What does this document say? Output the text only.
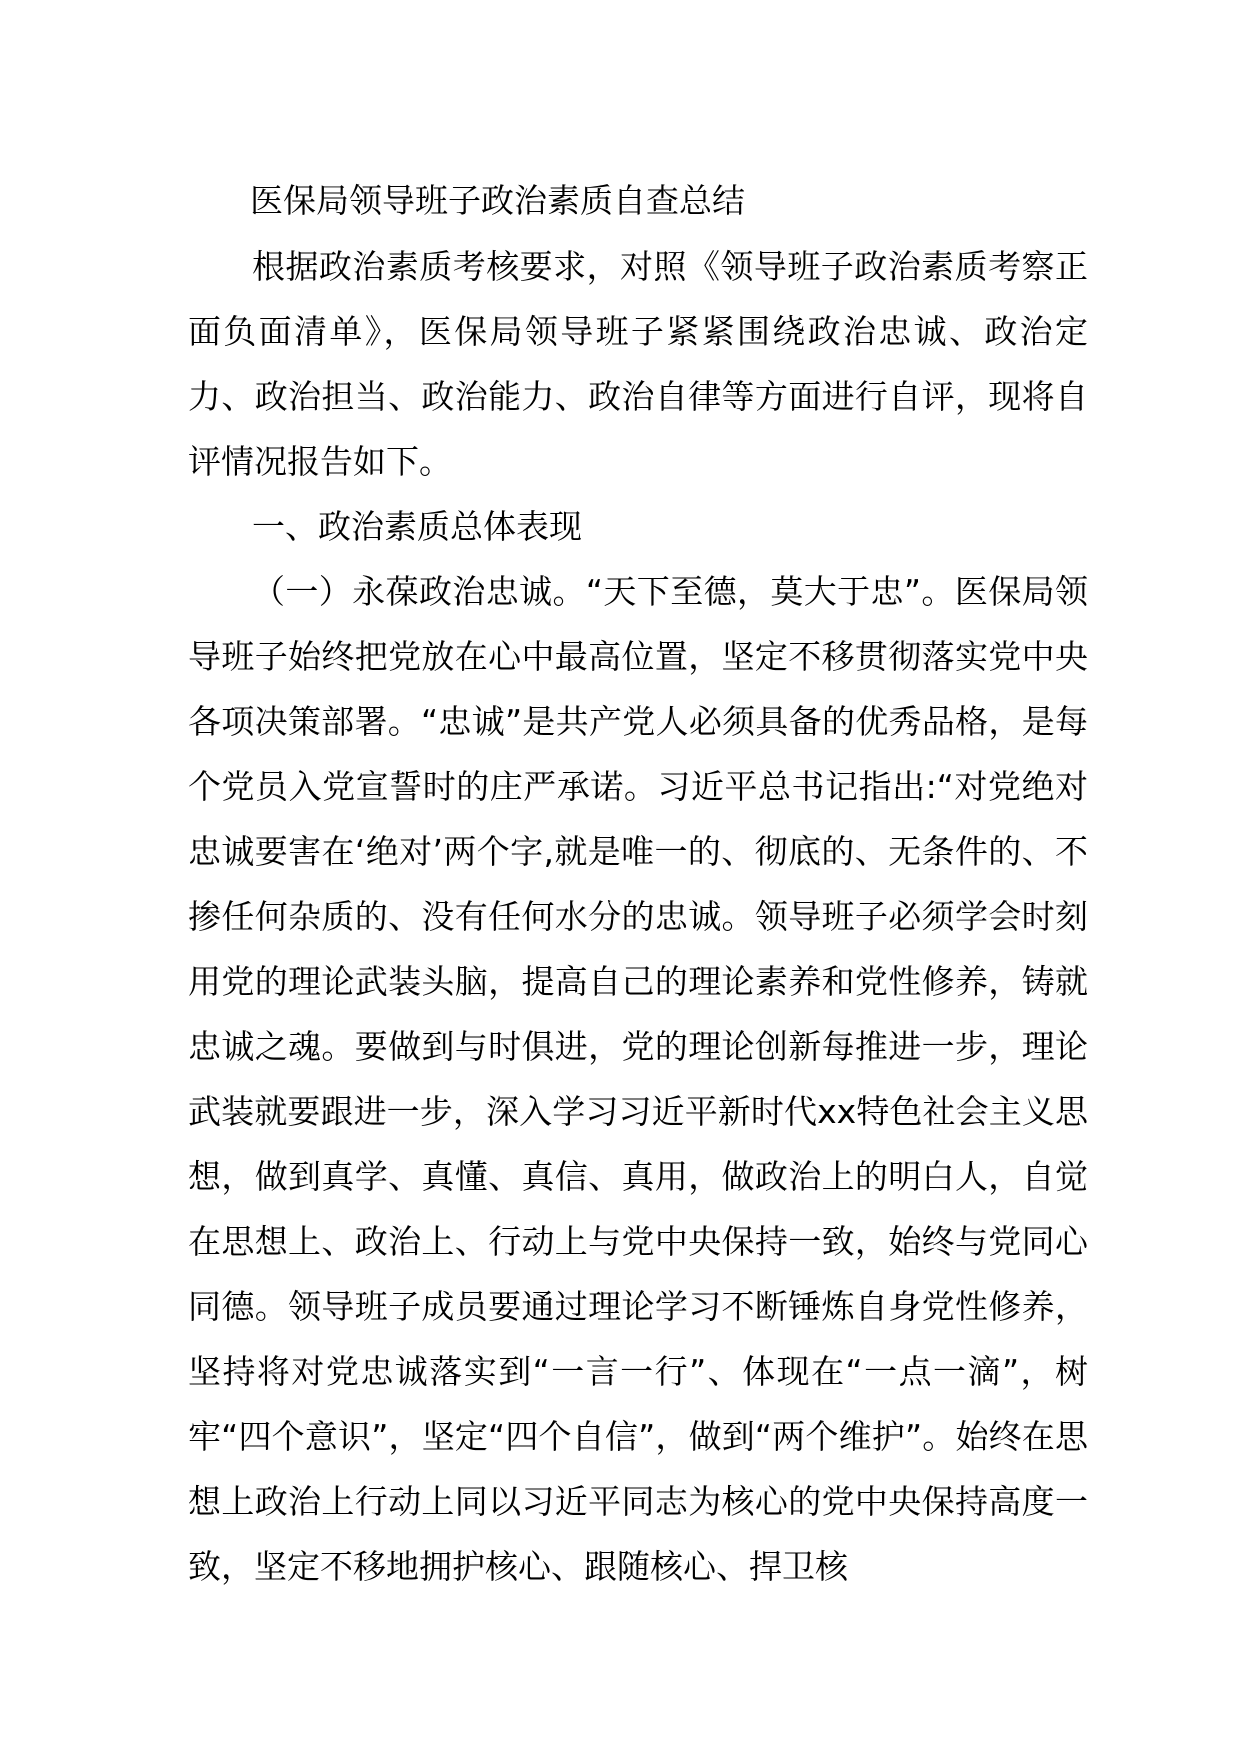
医保局领导班子政治素质自查总结

根据政治素质考核要求，对照《领导班子政治素质考察正面负面清单》，医保局领导班子紧紧围绕政治忠诚、政治定力、政治担当、政治能力、政治自律等方面进行自评，现将自评情况报告如下。

一、政治素质总体表现

（一）永葆政治忠诚。“天下至德，莫大于忠”。医保局领导班子始终把党放在心中最高位置，坚定不移贯彻落实党中央各项决策部署。“忠诚”是共产党人必须具备的优秀品格，是每个党员入党宣誓时的庄严承诺。习近平总书记指出:“对党绝对忠诚要害在‘绝对’两个字,就是唯一的、彻底的、无条件的、不掺任何杂质的、没有任何水分的忠诚。领导班子必须学会时刻用党的理论武装头脑，提高自己的理论素养和党性修养，铸就忠诚之魂。要做到与时俱进，党的理论创新每推进一步，理论武装就要跟进一步，深入学习习近平新时代xx特色社会主义思想，做到真学、真懂、真信、真用，做政治上的明白人，自觉在思想上、政治上、行动上与党中央保持一致，始终与党同心同德。领导班子成员要通过理论学习不断锤炼自身党性修养，坚持将对党忠诚落实到“一言一行”、体现在“一点一滴”，树牢“四个意识”，坚定“四个自信”，做到“两个维护”。始终在思想上政治上行动上同以习近平同志为核心的党中央保持高度一致，坚定不移地拥护核心、跟随核心、捍卫核
